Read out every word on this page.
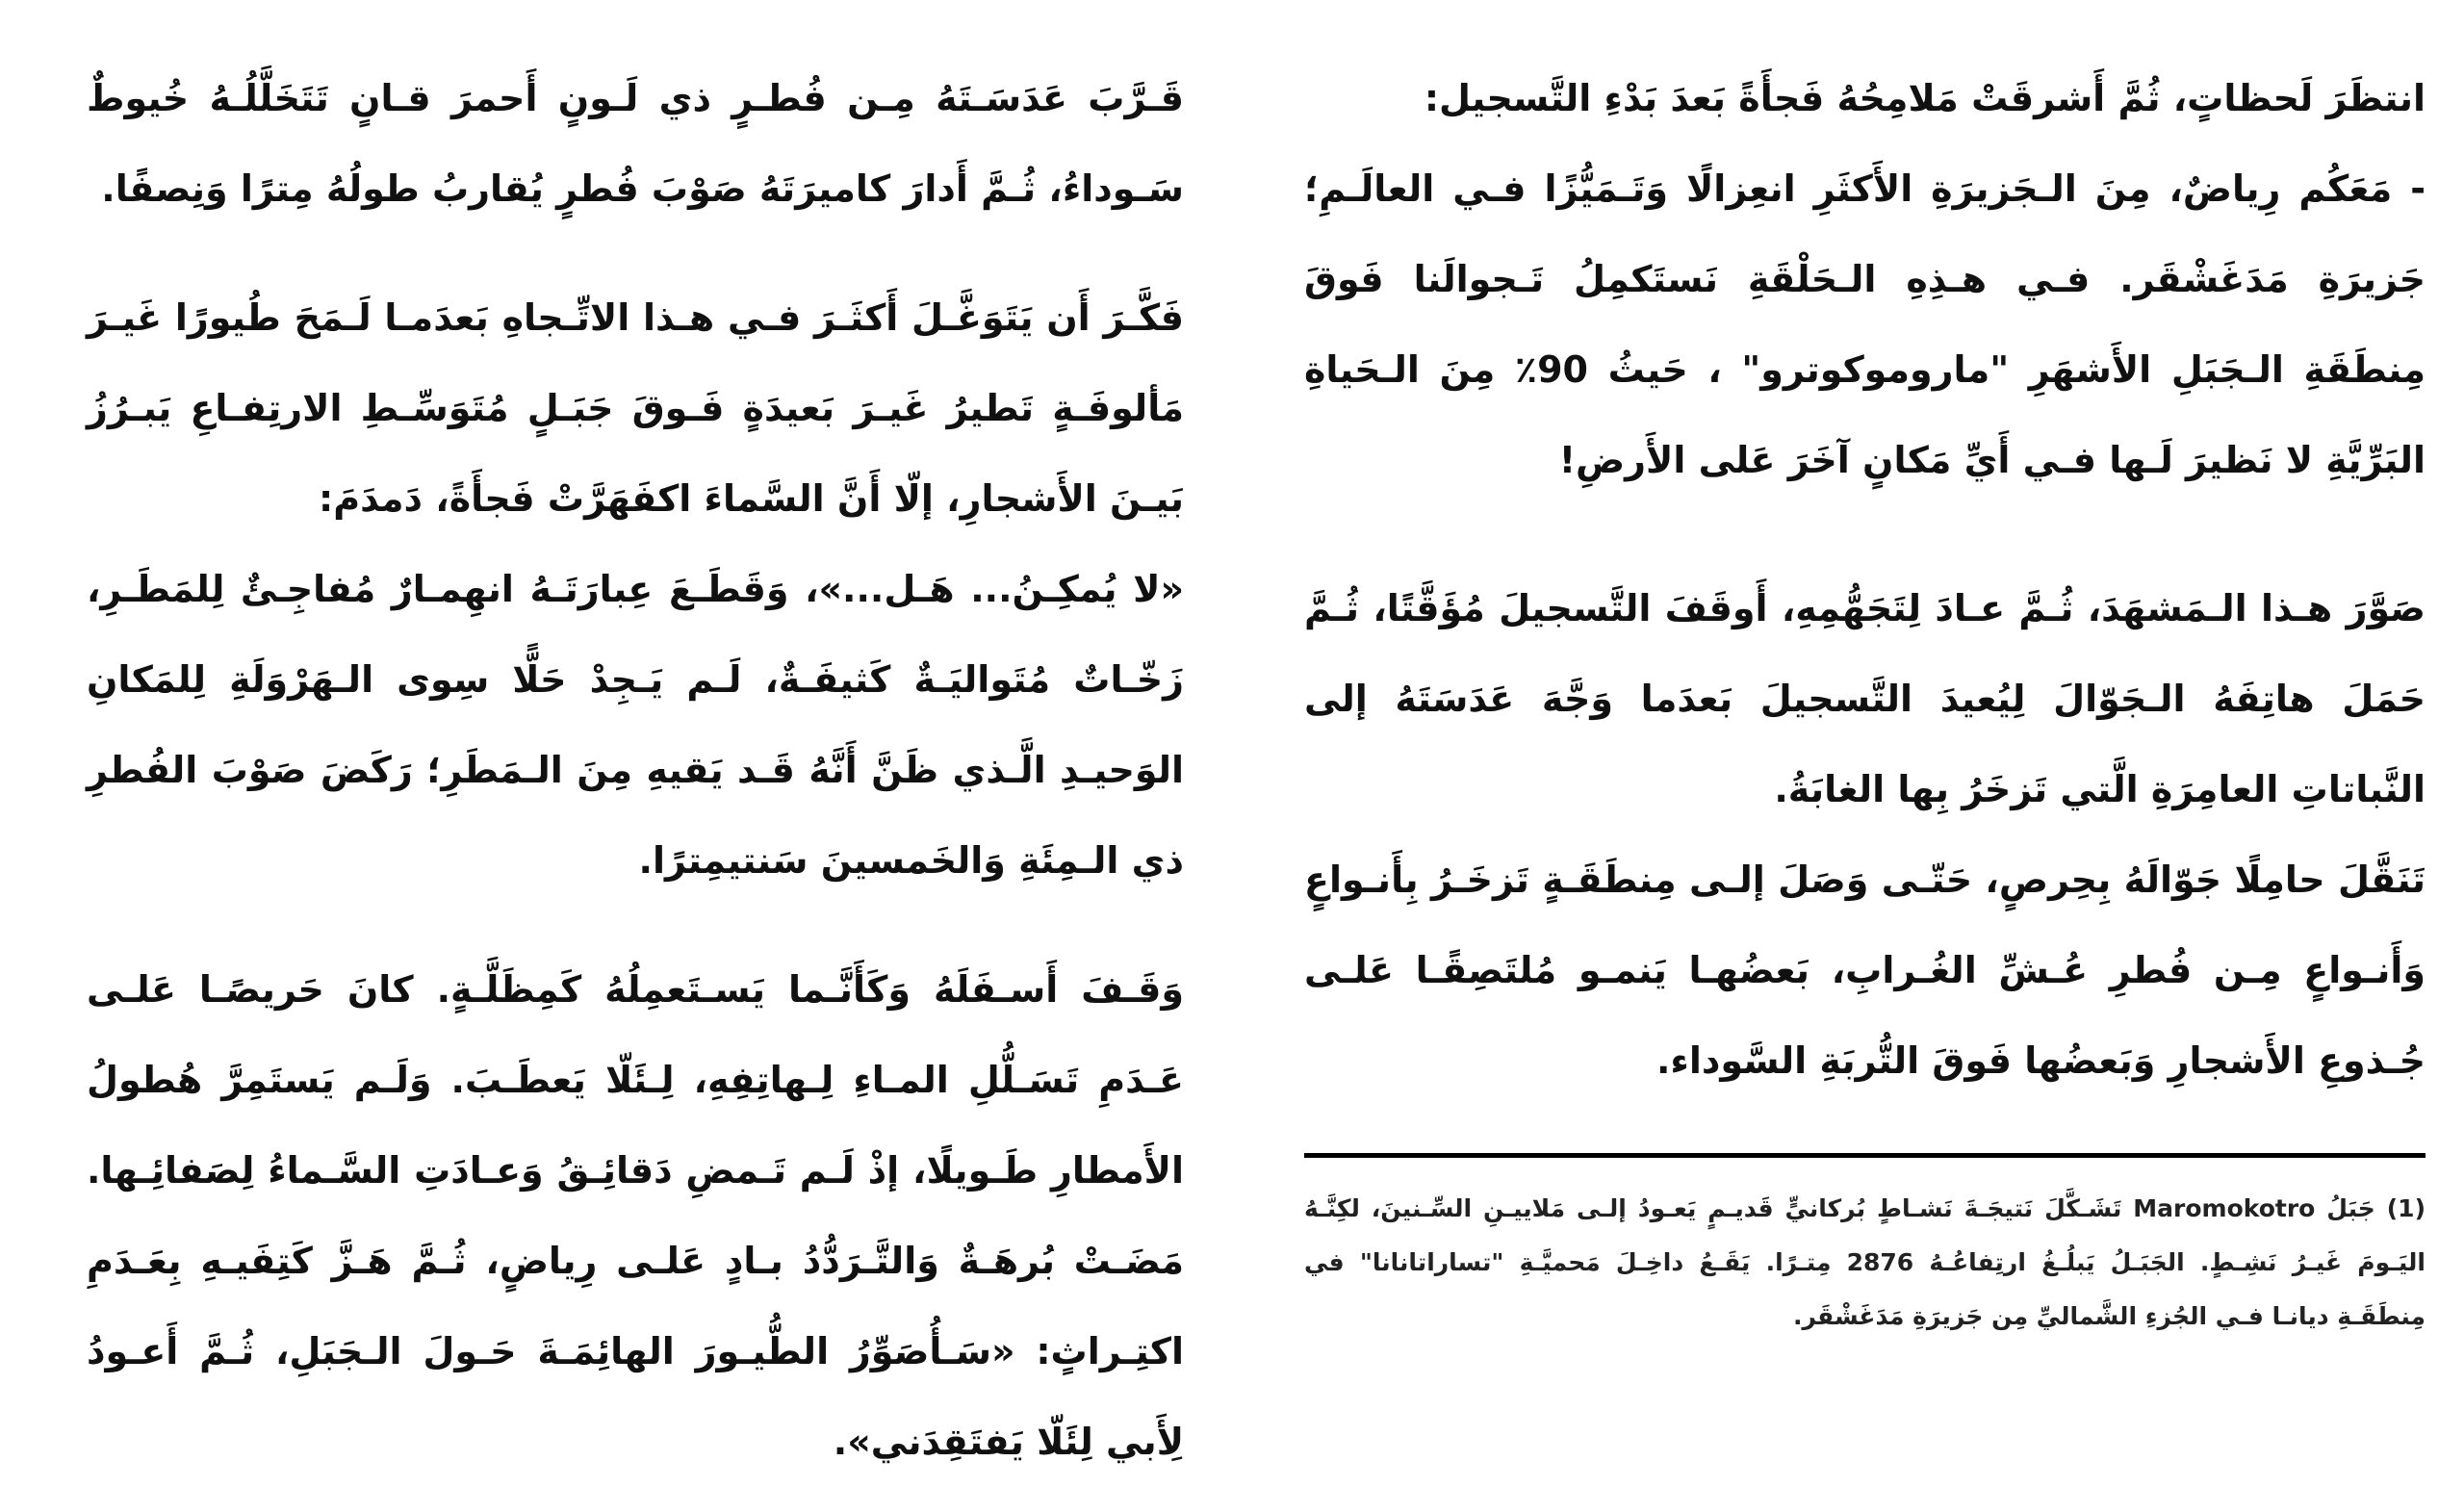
انتظَرَ لَحظاتٍ، ثُمَّ أَشرقَتْ مَلامِحُهُ فَجأَةً بَعدَ بَدْءِ التَّسجيل:
- مَعَكُم رِياضٌ، مِنَ الـجَزيرَةِ الأَكثَرِ انعِزالًا وَتَـمَيُّزًا فـي العالَـمِ؛ جَزيرَةِ مَدَغَشْقَر. فـي هـذِهِ الـحَلْقَةِ نَستَكمِلُ تَـجوالَنا فَوقَ مِنطَقَةِ الـجَبَلِ الأَشهَرِ "ماروموكوترو" ، حَيثُ 90٪ مِنَ الـحَياةِ البَرِّيَّةِ لا نَظيرَ لَـها فـي أَيِّ مَكانٍ آخَرَ عَلى الأَرضِ!

صَوَّرَ هـذا الـمَشهَدَ، ثُـمَّ عـادَ لِتَجَهُّمِهِ، أَوقَفَ التَّسجيلَ مُؤَقَّتًا، ثُـمَّ حَمَلَ هاتِفَهُ الـجَوّالَ لِيُعيدَ التَّسجيلَ بَعدَما وَجَّهَ عَدَسَتَهُ إلى النَّباتاتِ العامِرَةِ الَّتي تَزخَرُ بِها الغابَةُ.

تَنَقَّلَ حامِلًا جَوّالَهُ بِحِرصٍ، حَتّـى وَصَلَ إلـى مِنطَقَـةٍ تَزخَـرُ بِأَنـواعٍ وَأَنـواعٍ مِـن فُطرِ عُـشِّ الغُـرابِ، بَعضُهـا يَنمـو مُلتَصِقًـا عَلـى جُـذوعِ الأَشجارِ وَبَعضُها فَوقَ التُّربَةِ السَّوداء.

قَـرَّبَ عَدَسَـتَهُ مِـن فُطـرٍ ذي لَـونٍ أَحمرَ قـانٍ تَتَخَلَّلُـهُ خُيوطٌ سَـوداءُ، ثُـمَّ أَدارَ كاميرَتَهُ صَوْبَ فُطرٍ يُقاربُ طولُهُ مِترًا وَنِصفًا.

فَكَّـرَ أَن يَتَوَغَّـلَ أَكثَـرَ فـي هـذا الاتِّـجاهِ بَعدَمـا لَـمَحَ طُيورًا غَيـرَ مَألوفَـةٍ تَطيرُ غَيـرَ بَعيدَةٍ فَـوقَ جَبَـلٍ مُتَوَسِّـطِ الارتِفـاعِ يَبـرُزُ بَيـنَ الأَشجارِ، إلّا أَنَّ السَّماءَ اكفَهَرَّتْ فَجأَةً، دَمدَمَ:
«لا يُمكِـنُ... هَـل...»، وَقَطَـعَ عِبارَتَـهُ انهِمـارٌ مُفاجِـئٌ لِلمَطَـرِ، زَخّـاتٌ مُتَواليَـةٌ كَثيفَـةٌ، لَـم يَـجِدْ حَلًّا سِوى الـهَرْوَلَةِ لِلمَكانِ الوَحيـدِ الَّـذي ظَنَّ أَنَّهُ قَـد يَقيهِ مِنَ الـمَطَرِ؛ رَكَضَ صَوْبَ الفُطرِ ذي الـمِئَةِ وَالخَمسينَ سَنتيمِترًا.

وَقَـفَ أَسـفَلَهُ وَكَأَنَّـما يَسـتَعمِلُهُ كَمِظَلَّـةٍ. كانَ حَريصًـا عَلـى عَـدَمِ تَسَـلُّلِ المـاءِ لِـهاتِفِهِ، لِـئَلّا يَعطَـبَ. وَلَـم يَستَمِرَّ هُطولُ الأَمطارِ طَـويلًا، إذْ لَـم تَـمضِ دَقائِـقُ وَعـادَتِ السَّـماءُ لِصَفائِـها. مَضَـتْ بُرهَـةٌ وَالتَّـرَدُّدُ بـادٍ عَلـى رِياضٍ، ثُـمَّ هَـزَّ كَتِفَيـهِ بِعَـدَمِ اكتِـراثٍ: «سَـأُصَوِّرُ الطُّيـورَ الهائِمَـةَ حَـولَ الـجَبَلِ، ثُـمَّ أَعـودُ لِأَبي لِئَلّا يَفتَقِدَني».

(1) جَبَلُ Maromokotro تَشَـكَّلَ نَتيجَـةَ نَشـاطٍ بُركانيٍّ قَديـمٍ يَعـودُ إلـى مَلاييـنِ السِّـنينَ، لكِنَّـهُ اليَـومَ غَيـرُ نَشِـطٍ. الجَبَـلُ يَبلُـغُ ارتِفاعُـهُ 2876 مِتـرًا. يَقَـعُ داخِـلَ مَحميَّـةِ "تساراتانانا" في مِنطَقَـةِ ديانـا فـي الجُزءِ الشَّماليِّ مِن جَزيرَةِ مَدَغَشْقَر.
